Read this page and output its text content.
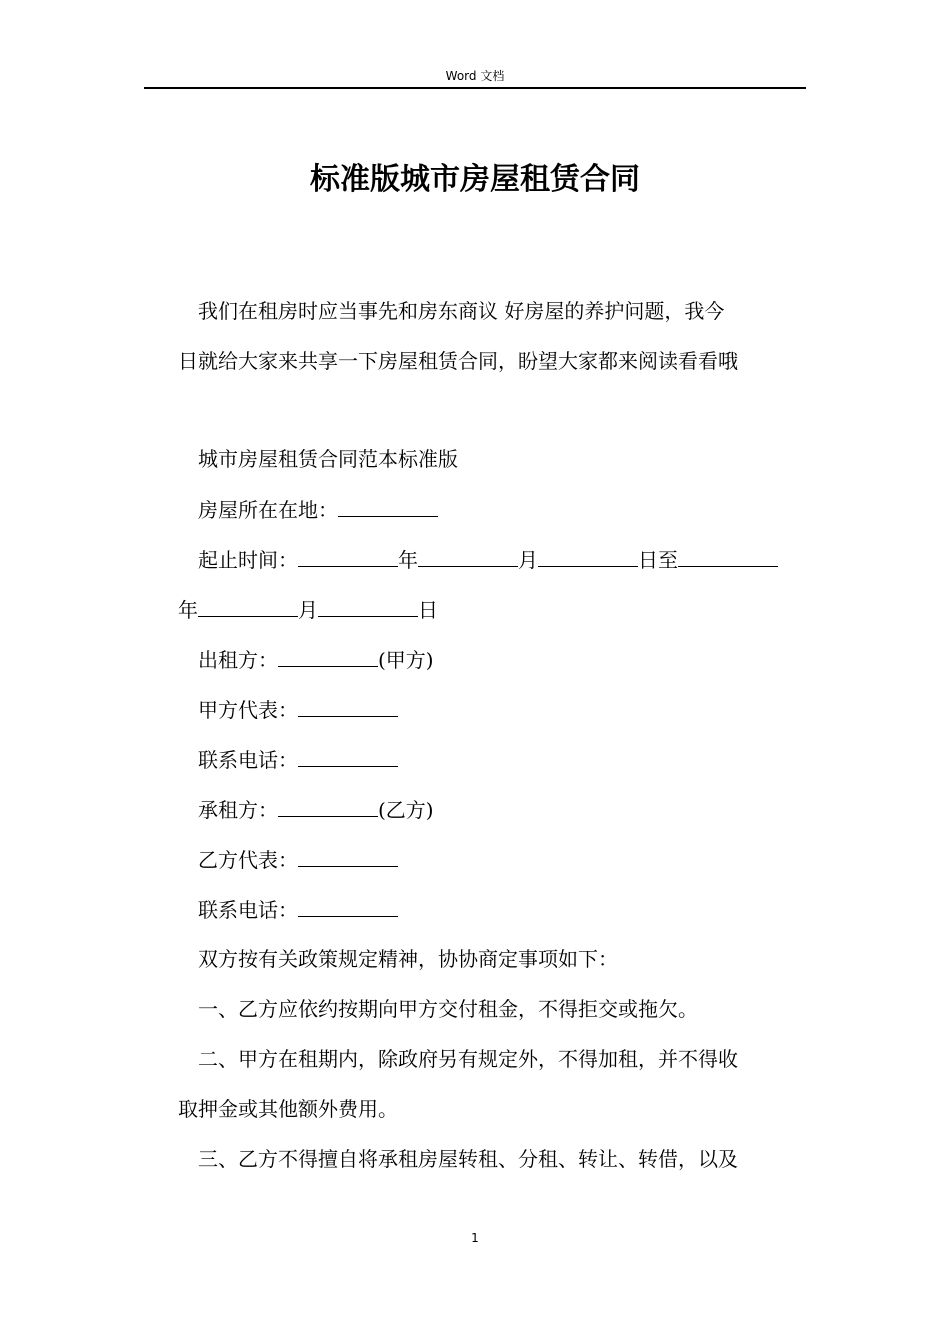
Word 文档
标准版城市房屋租赁合同
我们在租房时应当事先和房东商议 好房屋的养护问题，我今
日就给大家来共享一下房屋租赁合同，盼望大家都来阅读看看哦
城市房屋租赁合同范本标准版
房屋所在在地：
起止时间：	年	月	日至
年	月	日
出租方：	(甲方)
甲方代表：
联系电话：
承租方：	(乙方)
乙方代表：
联系电话：
双方按有关政策规定精神，协协商定事项如下：
一、乙方应依约按期向甲方交付租金，不得拒交或拖欠。
二、甲方在租期内，除政府另有规定外，不得加租，并不得收
取押金或其他额外费用。
三、乙方不得擅自将承租房屋转租、分租、转让、转借，以及
1
